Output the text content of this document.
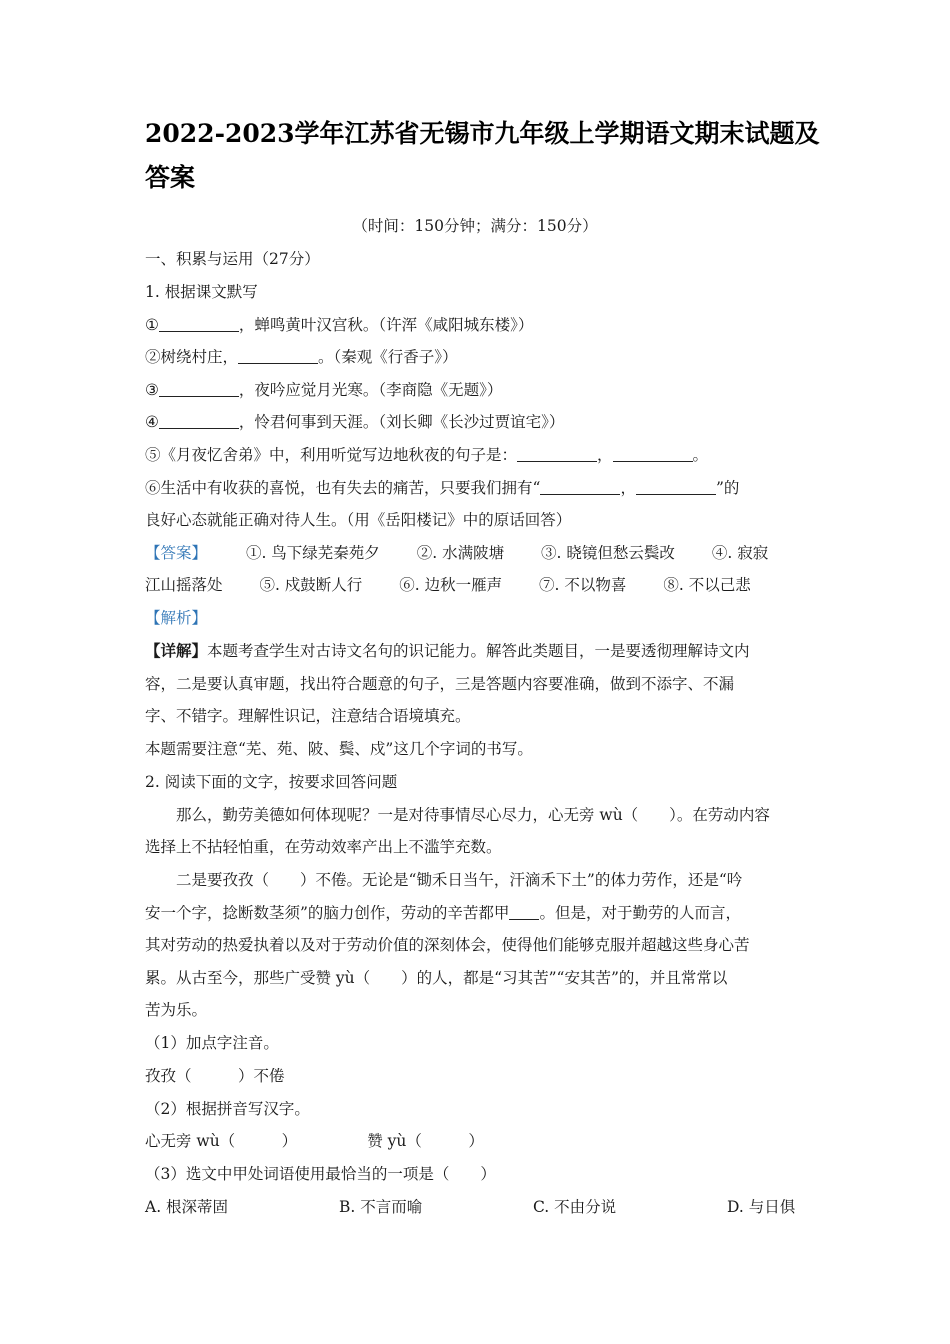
2022-2023学年江苏省无锡市九年级上学期语文期末试题及答案
（时间：150分钟；满分：150分）
一、积累与运用（27分）
1. 根据课文默写
①	，蝉鸣黄叶汉宫秋。（许浑《咸阳城东楼》）
②树绕村庄，	。（秦观《行香子》）
③	，夜吟应觉月光寒。（李商隐《无题》）
④	，怜君何事到天涯。（刘长卿《长沙过贾谊宅》）
⑤《月夜忆舍弟》中，利用听觉写边地秋夜的句子是：	，	。
⑥生活中有收获的喜悦，也有失去的痛苦，只要我们拥有“	，	”的
良好心态就能正确对待人生。（用《岳阳楼记》中的原话回答）
【答案】	①. 鸟下绿芜秦苑夕 ②. 水满陂塘 ③. 晓镜但愁云鬓改 ④. 寂寂
江山摇落处 ⑤. 戍鼓断人行 ⑥. 边秋一雁声 ⑦. 不以物喜 ⑧. 不以己悲
【解析】
【详解】本题考查学生对古诗文名句的识记能力。解答此类题目，一是要透彻理解诗文内
容，二是要认真审题，找出符合题意的句子，三是答题内容要准确，做到不添字、不漏
字、不错字。理解性识记，注意结合语境填充。
本题需要注意“芜、苑、陂、鬓、戍”这几个字词的书写。
2. 阅读下面的文字，按要求回答问题
那么，勤劳美德如何体现呢？一是对待事情尽心尽力，心无旁 wù（　　）。在劳动内容
选择上不拈轻怕重，在劳动效率产出上不滥竽充数。
二是要孜孜（　　）不倦。无论是“锄禾日当午，汗滴禾下土”的体力劳作，还是“吟
安一个字，捻断数茎须”的脑力创作，劳动的辛苦都甲 。但是，对于勤劳的人而言，
其对劳动的热爱执着以及对于劳动价值的深刻体会，使得他们能够克服并超越这些身心苦
累。从古至今，那些广受赞 yù（　　）的人，都是“习其苦”“安其苦”的，并且常常以
苦为乐。
（1）加点字注音。
孜孜（　　　）不倦
（2）根据拼音写汉字。
心无旁 wù（　　　）	赞 yù（　　　）
（3）选文中甲处词语使用最恰当的一项是（　　）
A. 根深蒂固	B. 不言而喻	C. 不由分说	D. 与日俱
